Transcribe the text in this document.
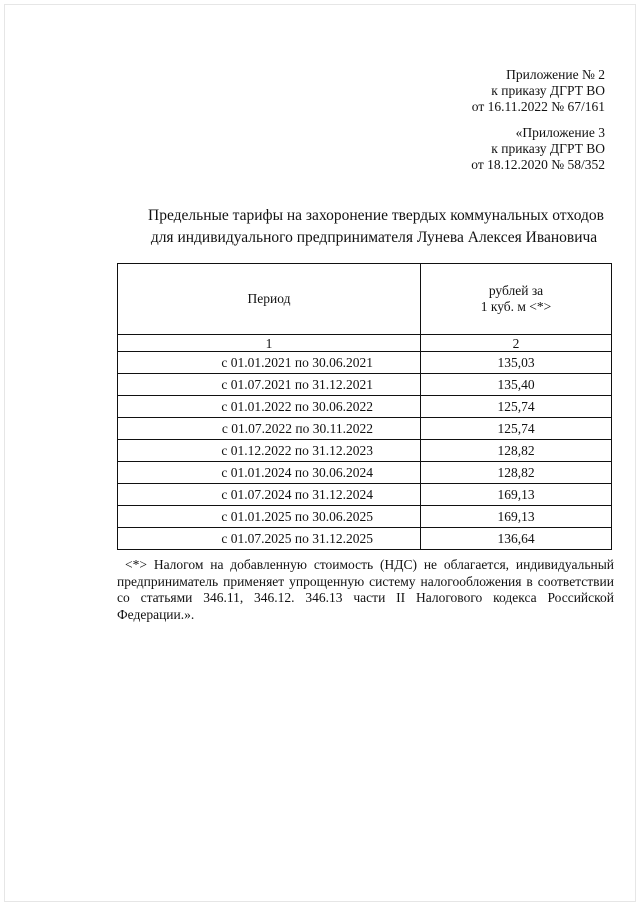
Приложение № 2
к приказу ДГРТ ВО
от 16.11.2022 № 67/161
«Приложение 3
к приказу ДГРТ ВО
от 18.12.2020 № 58/352
Предельные тарифы на захоронение твердых коммунальных отходов
для индивидуального предпринимателя Лунева Алексея Ивановича
Период	рублей за
1 куб. м <*>

1	2
с 01.01.2021 по 30.06.2021	135,03
с 01.07.2021 по 31.12.2021	135,40
с 01.01.2022 по 30.06.2022	125,74
с 01.07.2022 по 30.11.2022	125,74
с 01.12.2022 по 31.12.2023	128,82
с 01.01.2024 по 30.06.2024	128,82
с 01.07.2024 по 31.12.2024	169,13
с 01.01.2025 по 30.06.2025	169,13
с 01.07.2025 по 31.12.2025	136,64
<*> Налогом на добавленную стоимость (НДС) не облагается, индивидуальный предприниматель применяет упрощенную систему налогообложения в соответствии со статьями 346.11, 346.12. 346.13 части II Налогового кодекса Российской Федерации.».
